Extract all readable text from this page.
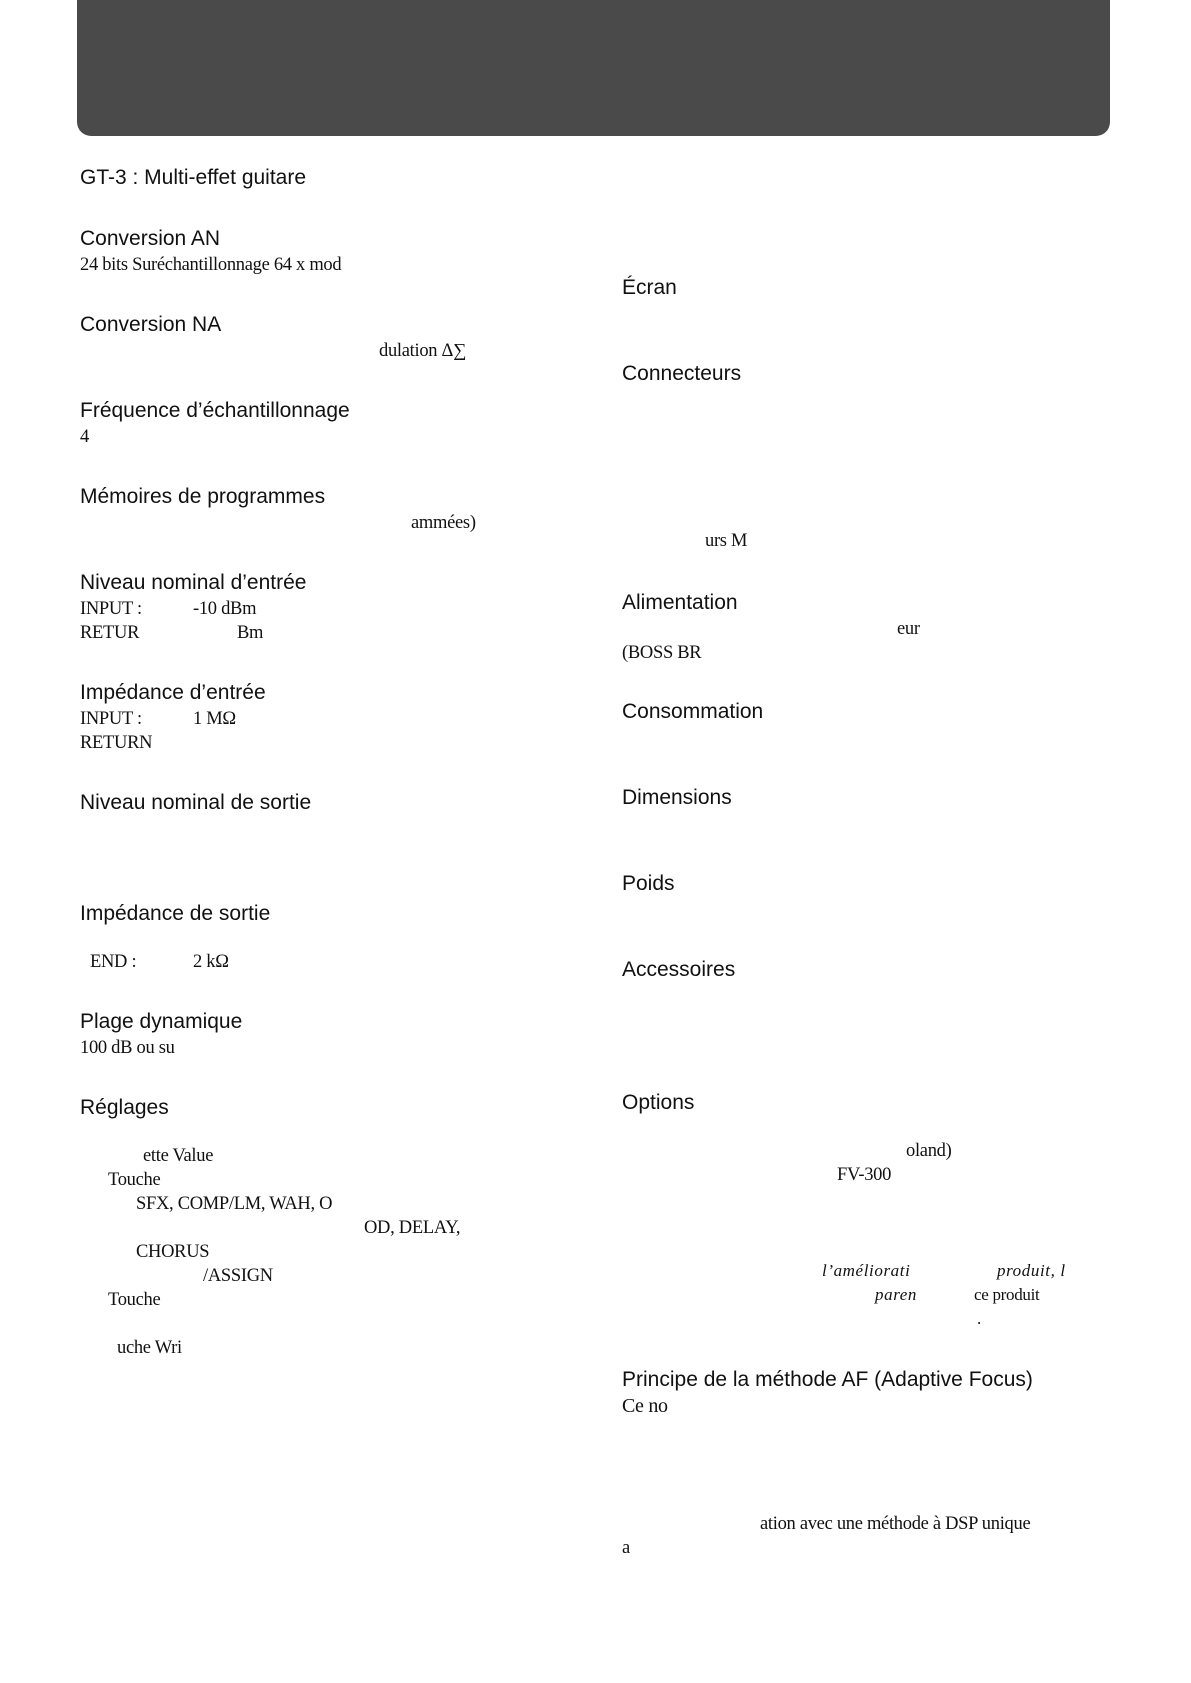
GT-3 : Multi-effet guitare
Conversion AN
24 bits Suréchantillonnage 64 x mod
Conversion NA
dulation Δ∑
Fréquence d’échantillonnage
4
Mémoires de programmes
ammées)
Niveau nominal d’entrée
INPUT :	-10 dBm
RETUR	Bm
Impédance d’entrée
INPUT :	1 MΩ
RETURN
Niveau nominal de sortie
Impédance de sortie
END :	2 kΩ
Plage dynamique
100 dB ou su
Réglages
ette Value
Touche
SFX, COMP/LM, WAH, O
OD, DELAY,
CHORUS
/ASSIGN
Touche
uche Wri
Écran
Connecteurs
urs M
Alimentation
eur
(BOSS BR
Consommation
Dimensions
Poids
Accessoires
Options
oland)
FV-300
l’améliorati	produit, l
paren	ce produit
.
Principe de la méthode AF (Adaptive Focus)
Ce no
ation avec une méthode à DSP unique
a
